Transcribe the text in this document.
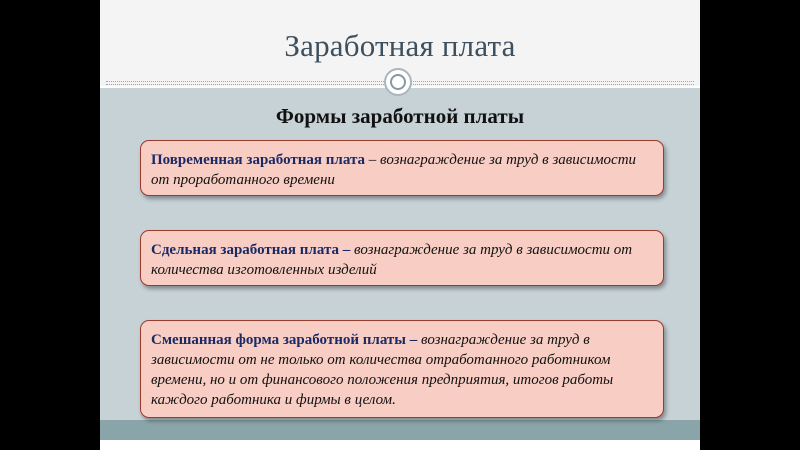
Заработная плата
Формы заработной платы
Повременная заработная плата – вознаграждение за труд в зависимости от проработанного времени
Сдельная заработная плата – вознаграждение за труд в зависимости от количества изготовленных изделий
Смешанная форма заработной платы – вознаграждение за труд в зависимости от не только от количества отработанного работником времени, но и от финансового положения предприятия, итогов работы каждого работника и фирмы в целом.
